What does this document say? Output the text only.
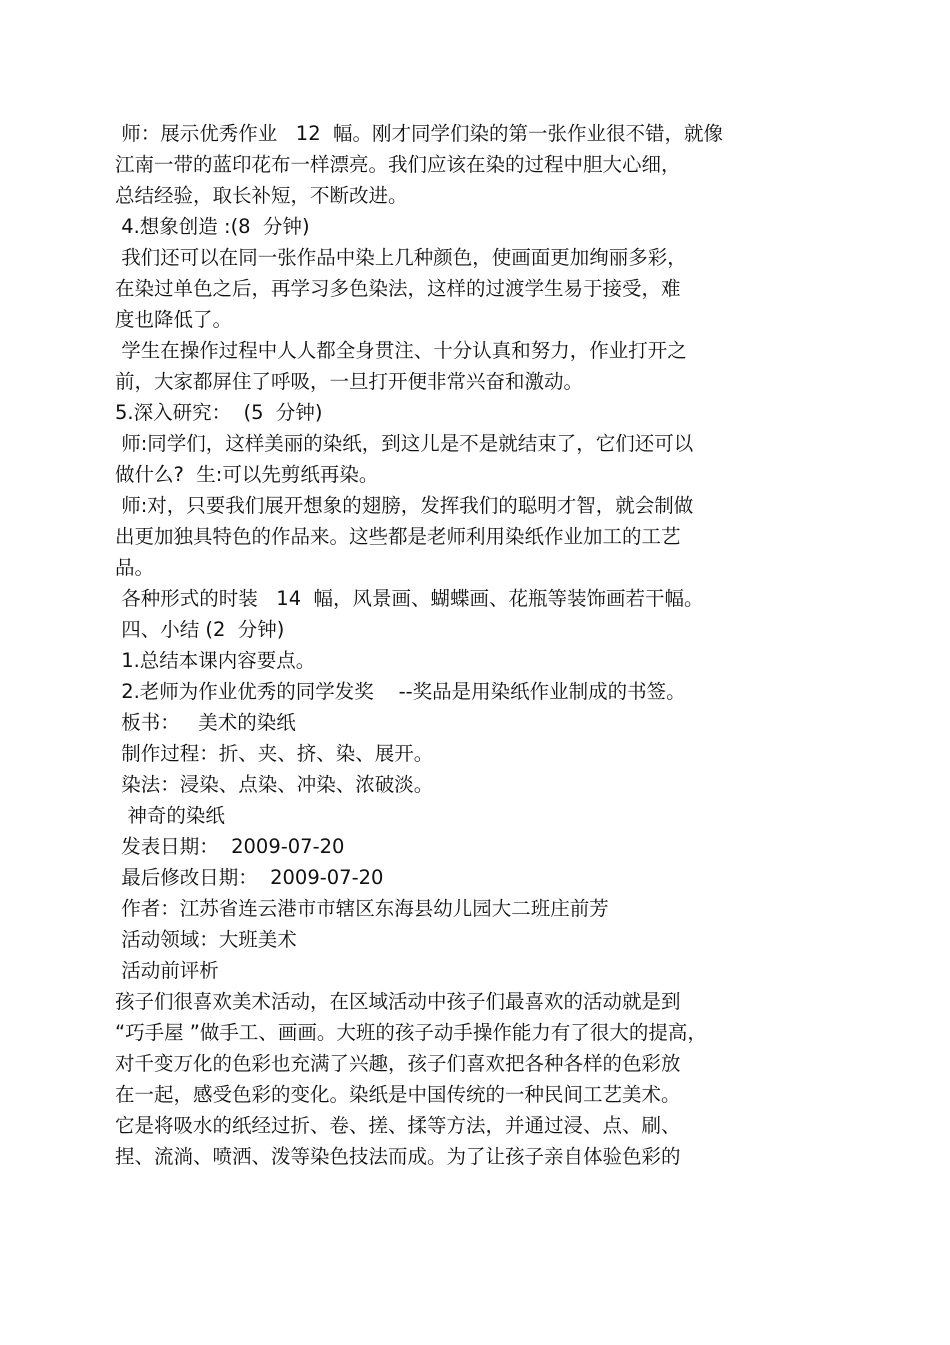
师：展示优秀作业   12  幅。刚才同学们染的第一张作业很不错，就像
江南一带的蓝印花布一样漂亮。我们应该在染的过程中胆大心细，
总结经验，取长补短，不断改进。
4.想象创造 :(8  分钟)
我们还可以在同一张作品中染上几种颜色，使画面更加绚丽多彩，
在染过单色之后，再学习多色染法，这样的过渡学生易于接受，难
度也降低了。
学生在操作过程中人人都全身贯注、十分认真和努力，作业打开之
前，大家都屏住了呼吸，一旦打开便非常兴奋和激动。
5.深入研究：  (5  分钟)
师:同学们，这样美丽的染纸，到这儿是不是就结束了，它们还可以
做什么?  生:可以先剪纸再染。
师:对，只要我们展开想象的翅膀，发挥我们的聪明才智，就会制做
出更加独具特色的作品来。这些都是老师利用染纸作业加工的工艺
品。
各种形式的时装   14  幅，风景画、蝴蝶画、花瓶等装饰画若干幅。
四、小结 (2  分钟)
1.总结本课内容要点。
2.老师为作业优秀的同学发奖    --奖品是用染纸作业制成的书签。
板书：   美术的染纸
制作过程：折、夹、挤、染、展开。
染法：浸染、点染、冲染、浓破淡。
神奇的染纸
发表日期：  2009-07-20
最后修改日期：  2009-07-20
作者：江苏省连云港市市辖区东海县幼儿园大二班庄前芳
活动领域：大班美术
活动前评析
孩子们很喜欢美术活动，在区域活动中孩子们最喜欢的活动就是到
“巧手屋 ”做手工、画画。大班的孩子动手操作能力有了很大的提高，
对千变万化的色彩也充满了兴趣，孩子们喜欢把各种各样的色彩放
在一起，感受色彩的变化。染纸是中国传统的一种民间工艺美术。
它是将吸水的纸经过折、卷、搓、揉等方法，并通过浸、点、刷、
捏、流淌、喷洒、泼等染色技法而成。为了让孩子亲自体验色彩的
